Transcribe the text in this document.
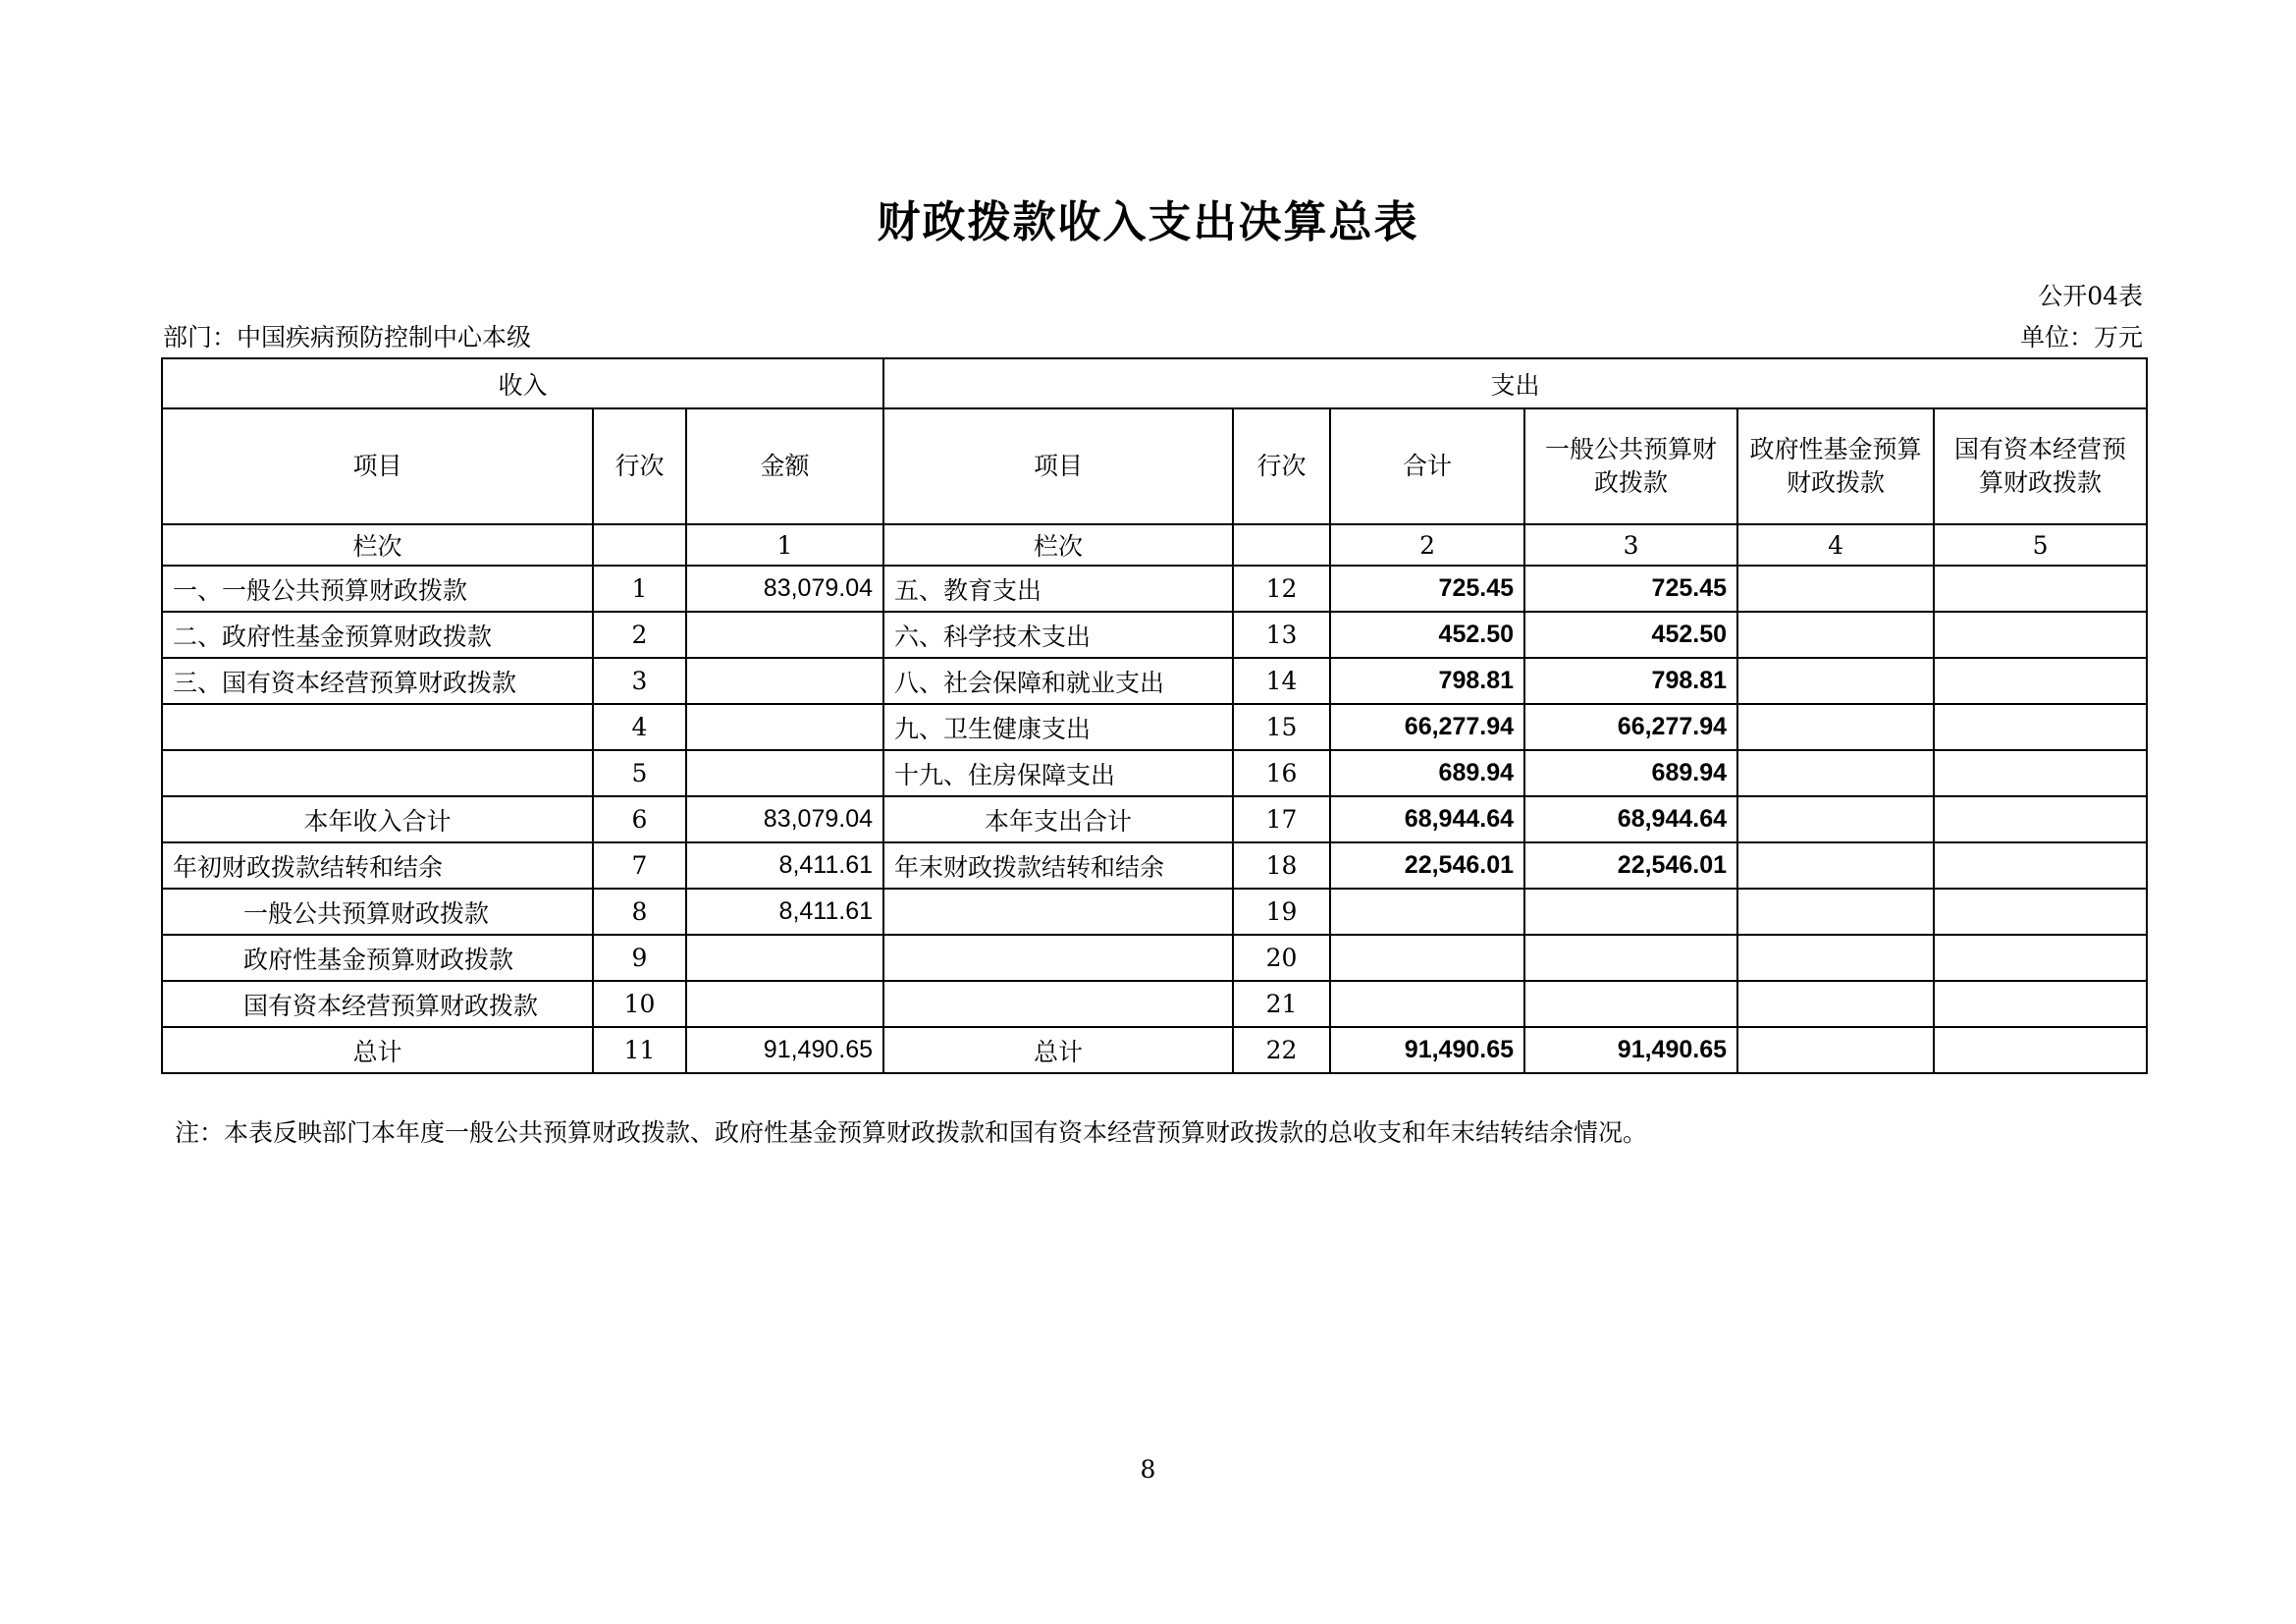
财政拨款收入支出决算总表
公开04表
部门：中国疾病预防控制中心本级	单位：万元
收入			支出					
项目	行次	金额	项目	行次	合计	一般公共预算财政拨款	政府性基金预算财政拨款	国有资本经营预算财政拨款
栏次		1	栏次		2	3	4	5
一、一般公共预算财政拨款	1	83,079.04	五、教育支出	12	725.45	725.45		
二、政府性基金预算财政拨款	2		六、科学技术支出	13	452.50	452.50		
三、国有资本经营预算财政拨款	3		八、社会保障和就业支出	14	798.81	798.81		
	4		九、卫生健康支出	15	66,277.94	66,277.94		
	5		十九、住房保障支出	16	689.94	689.94		
本年收入合计	6	83,079.04	本年支出合计	17	68,944.64	68,944.64		
年初财政拨款结转和结余	7	8,411.61	年末财政拨款结转和结余	18	22,546.01	22,546.01		
一般公共预算财政拨款	8	8,411.61		19				
政府性基金预算财政拨款	9			20				
国有资本经营预算财政拨款	10			21				
总计	11	91,490.65	总计	22	91,490.65	91,490.65		
注：本表反映部门本年度一般公共预算财政拨款、政府性基金预算财政拨款和国有资本经营预算财政拨款的总收支和年末结转结余情况。
8
